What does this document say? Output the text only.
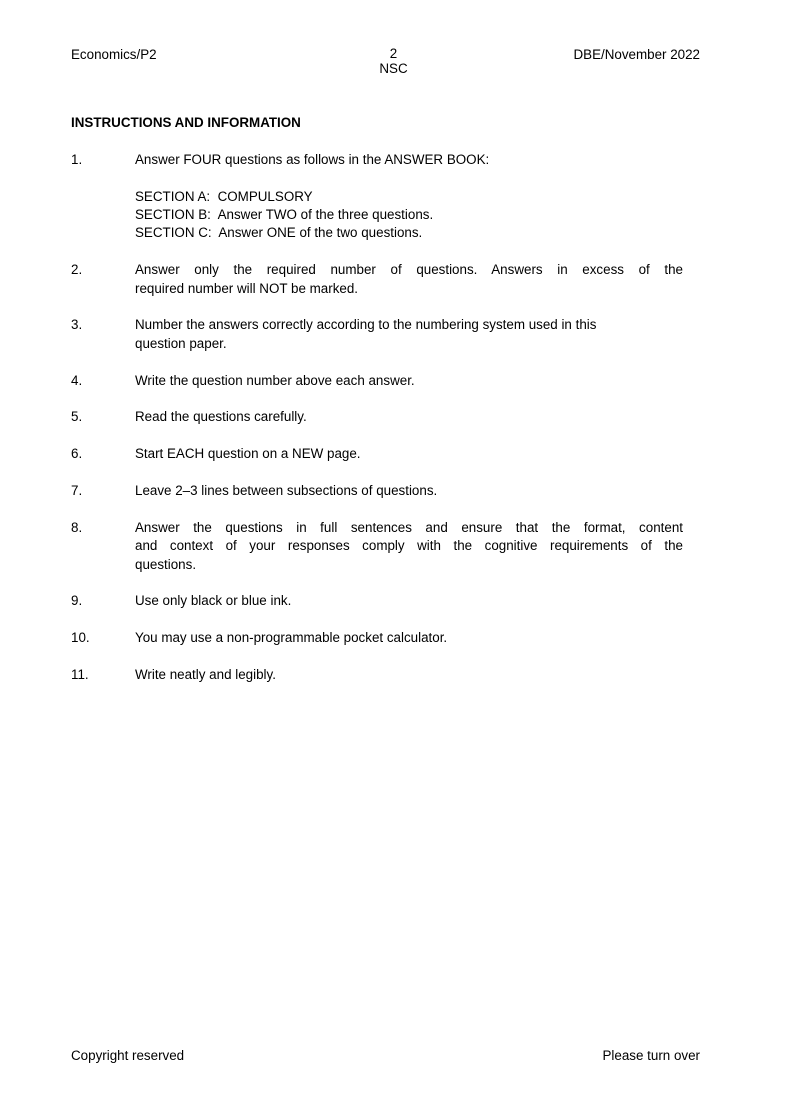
Economics/P2	2
NSC
DBE/November 2022
INSTRUCTIONS AND INFORMATION
1.	Answer FOUR questions as follows in the ANSWER BOOK:
SECTION A:  COMPULSORY
SECTION B:  Answer TWO of the three questions.
SECTION C:  Answer ONE of the two questions.
2.	Answer only the required number of questions. Answers in excess of the
required number will NOT be marked.
3.	Number the answers correctly according to the numbering system used in this
question paper.
4.	Write the question number above each answer.
5.	Read the questions carefully.
6.	Start EACH question on a NEW page.
7.	Leave 2–3 lines between subsections of questions.
8.	Answer the questions in full sentences and ensure that the format, content
and context of your responses comply with the cognitive requirements of the
questions.
9.	Use only black or blue ink.
10.	You may use a non-programmable pocket calculator.
11.	Write neatly and legibly.
Copyright reserved	Please turn over
